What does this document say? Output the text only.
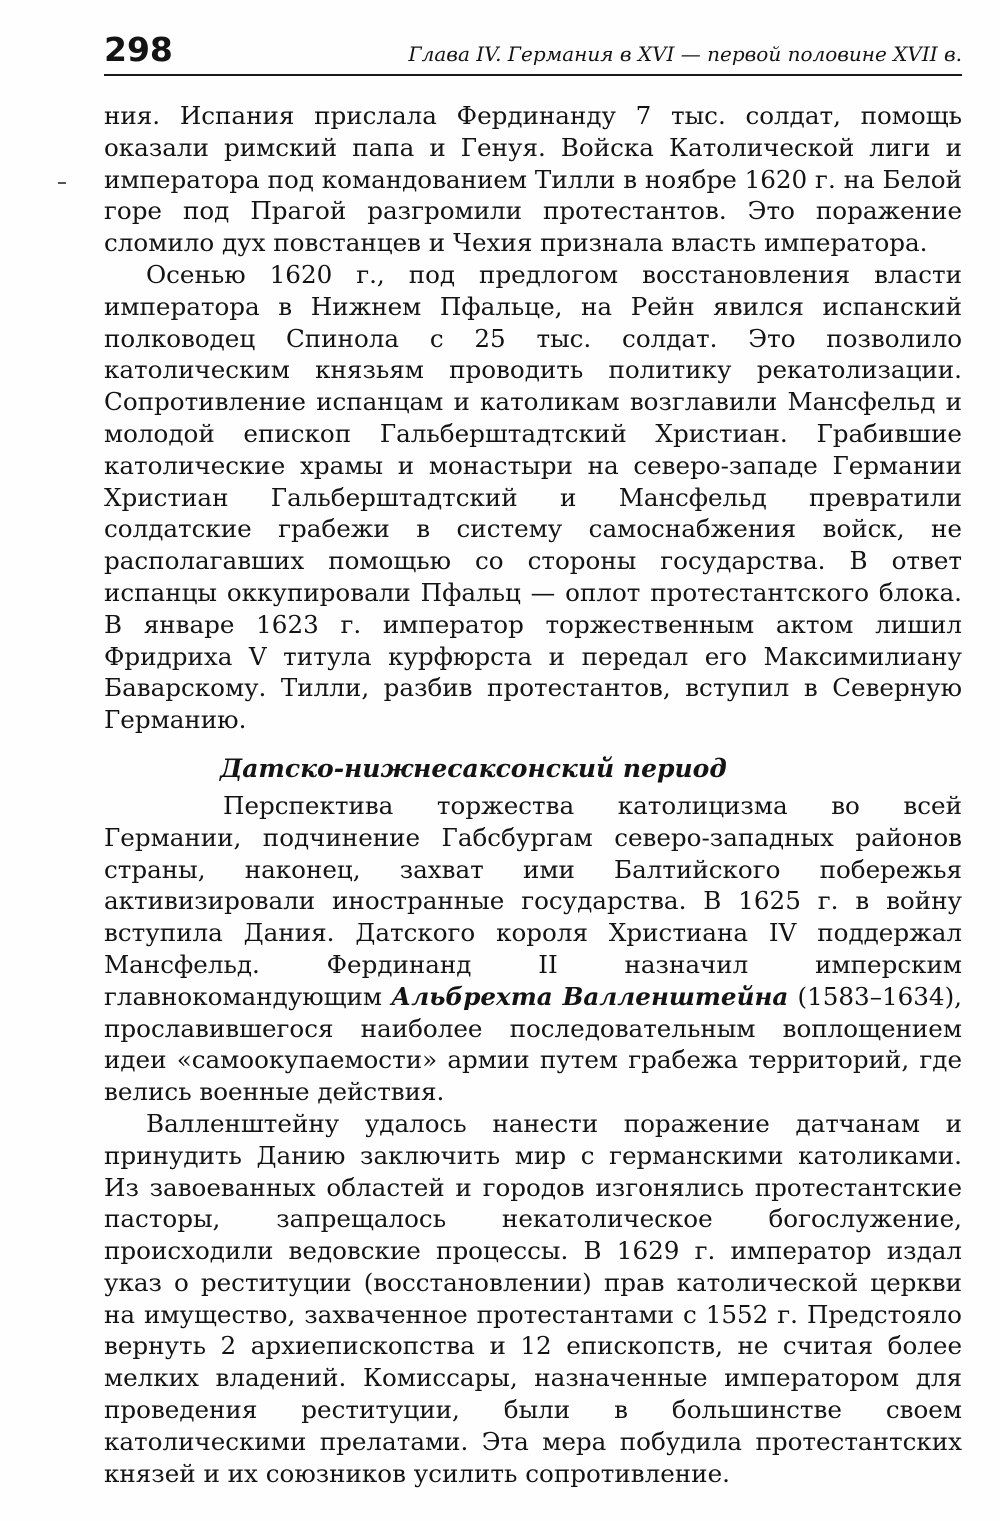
298	Глава IV. Германия в XVI — первой половине XVII в.

ния. Испания прислала Фердинанду 7 тыс. солдат, помощь оказали римский папа и Генуя. Войска Католической лиги и императора под командованием Тилли в ноябре 1620 г. на Белой горе под Прагой разгромили протестантов. Это поражение сломило дух повстанцев и Чехия признала власть императора.

Осенью 1620 г., под предлогом восстановления власти императора в Нижнем Пфальце, на Рейн явился испанский полководец Спинола с 25 тыс. солдат. Это позволило католическим князьям проводить политику рекатолизации. Сопротивление испанцам и католикам возглавили Мансфельд и молодой епископ Гальберштадтский Христиан. Грабившие католические храмы и монастыри на северо-западе Германии Христиан Гальберштадтский и Мансфельд превратили солдатские грабежи в систему самоснабжения войск, не располагавших помощью со стороны государства. В ответ испанцы оккупировали Пфальц — оплот протестантского блока. В январе 1623 г. император торжественным актом лишил Фридриха V титула курфюрста и передал его Максимилиану Баварскому. Тилли, разбив протестантов, вступил в Северную Германию.

Датско-нижнесаксонский период

Перспектива торжества католицизма во всей Германии, подчинение Габсбургам северо-западных районов страны, наконец, захват ими Балтийского побережья активизировали иностранные государства. В 1625 г. в войну вступила Дания. Датского короля Христиана IV поддержал Мансфельд. Фердинанд II назначил имперским главнокомандующим Альбрехта Валленштейна (1583–1634), прославившегося наиболее последовательным воплощением идеи «самоокупаемости» армии путем грабежа территорий, где велись военные действия.

Валленштейну удалось нанести поражение датчанам и принудить Данию заключить мир с германскими католиками. Из завоеванных областей и городов изгонялись протестантские пасторы, запрещалось некатолическое богослужение, происходили ведовские процессы. В 1629 г. император издал указ о реституции (восстановлении) прав католической церкви на имущество, захваченное протестантами с 1552 г. Предстояло вернуть 2 архиепископства и 12 епископств, не считая более мелких владений. Комиссары, назначенные императором для проведения реституции, были в большинстве своем католическими прелатами. Эта мера побудила протестантских князей и их союзников усилить сопротивление.
